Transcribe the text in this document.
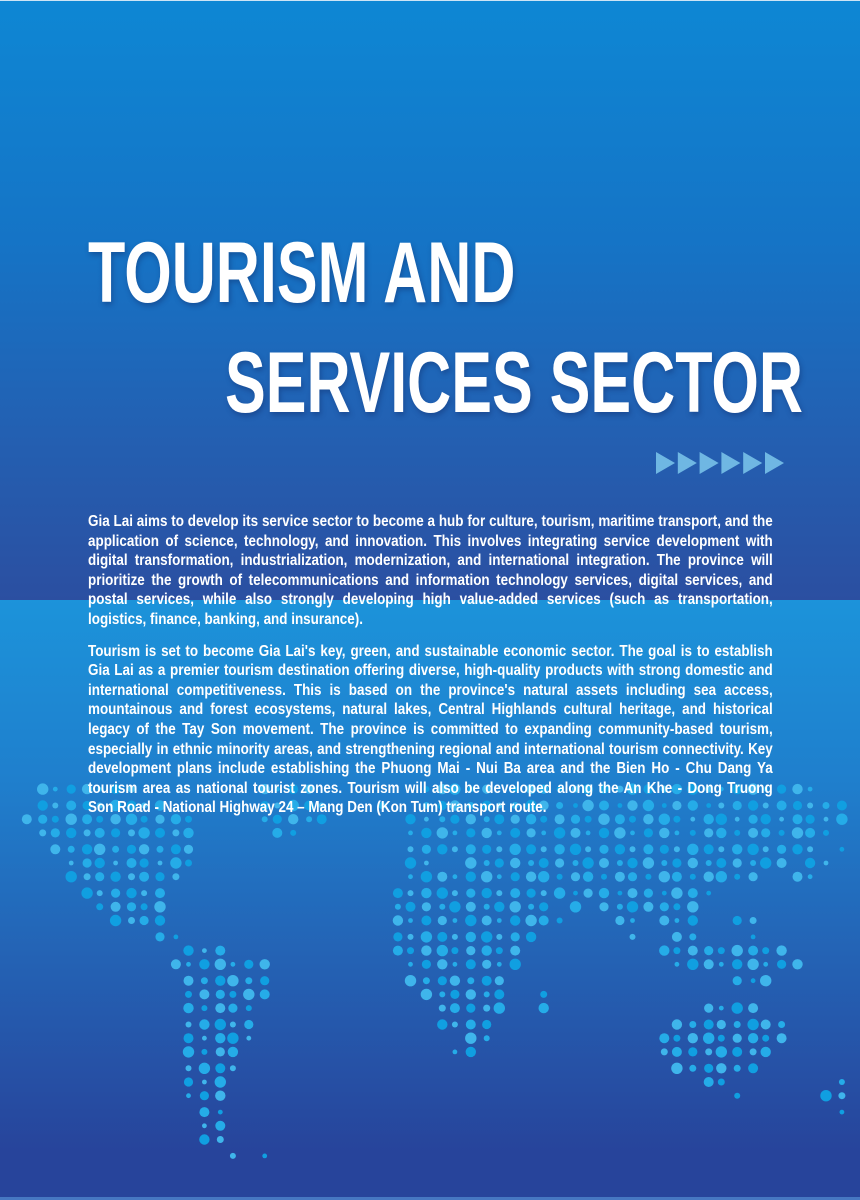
TOURISM AND
SERVICES SECTOR

Gia Lai aims to develop its service sector to become a hub for culture, tourism, maritime transport, and the application of science, technology, and innovation. This involves integrating service development with digital transformation, industrialization, modernization, and international integration. The province will prioritize the growth of telecommunications and information technology services, digital services, and postal services, while also strongly developing high value-added services (such as transportation, logistics, finance, banking, and insurance).

Tourism is set to become Gia Lai's key, green, and sustainable economic sector. The goal is to establish Gia Lai as a premier tourism destination offering diverse, high-quality products with strong domestic and international competitiveness. This is based on the province's natural assets including sea access, mountainous and forest ecosystems, natural lakes, Central Highlands cultural heritage, and historical legacy of the Tay Son movement. The province is committed to expanding community-based tourism, especially in ethnic minority areas, and strengthening regional and international tourism connectivity. Key development plans include establishing the Phuong Mai - Nui Ba area and the Bien Ho - Chu Dang Ya tourism area as national tourist zones. Tourism will also be developed along the An Khe - Dong Truong Son Road - National Highway 24 – Mang Den (Kon Tum) transport route.
